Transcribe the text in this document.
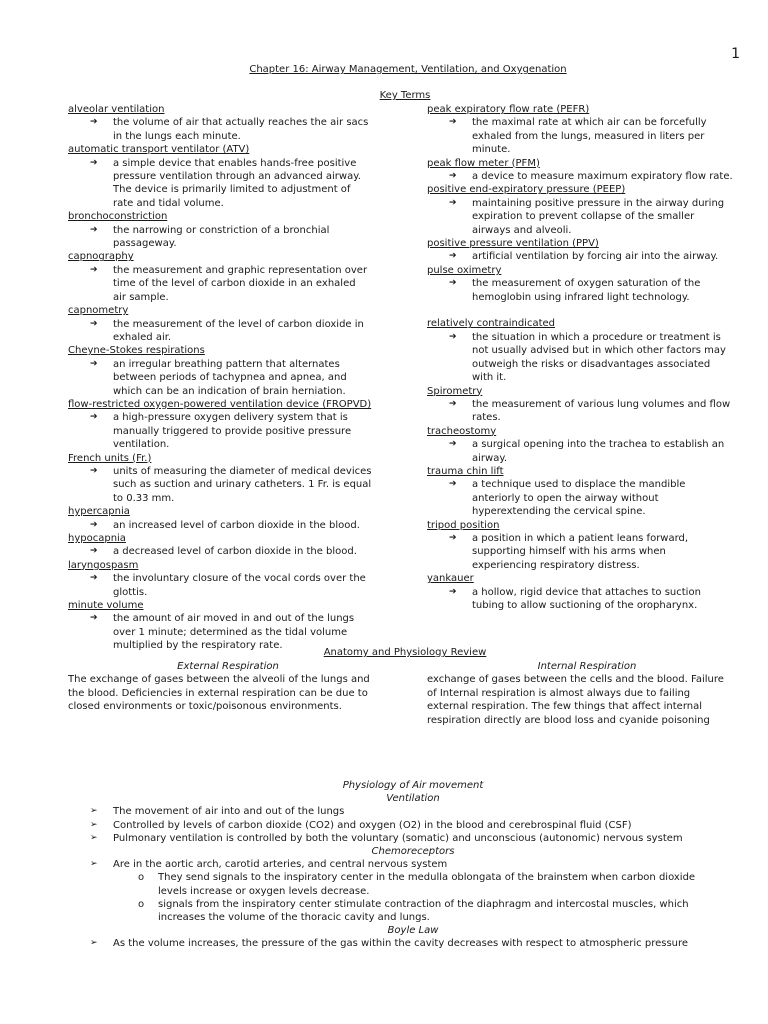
1
Chapter 16: Airway Management, Ventilation, and Oxygenation
Key Terms
alveolar ventilation
➔ the volume of air that actually reaches the air sacs
in the lungs each minute.
automatic transport ventilator (ATV)
➔ a simple device that enables hands-free positive
pressure ventilation through an advanced airway.
The device is primarily limited to adjustment of
rate and tidal volume.
bronchoconstriction
➔ the narrowing or constriction of a bronchial
passageway.
capnography
➔ the measurement and graphic representation over
time of the level of carbon dioxide in an exhaled
air sample.
capnometry
➔ the measurement of the level of carbon dioxide in
exhaled air.
Cheyne-Stokes respirations
➔ an irregular breathing pattern that alternates
between periods of tachypnea and apnea, and
which can be an indication of brain herniation.
flow-restricted oxygen-powered ventilation device (FROPVD)
➔ a high-pressure oxygen delivery system that is
manually triggered to provide positive pressure
ventilation.
French units (Fr.)
➔ units of measuring the diameter of medical devices
such as suction and urinary catheters. 1 Fr. is equal
to 0.33 mm.
hypercapnia
➔ an increased level of carbon dioxide in the blood.
hypocapnia
➔ a decreased level of carbon dioxide in the blood.
laryngospasm
➔ the involuntary closure of the vocal cords over the
glottis.
minute volume
➔ the amount of air moved in and out of the lungs
over 1 minute; determined as the tidal volume
multiplied by the respiratory rate.
peak expiratory flow rate (PEFR)
➔ the maximal rate at which air can be forcefully
exhaled from the lungs, measured in liters per
minute.
peak flow meter (PFM)
➔ a device to measure maximum expiratory flow rate.
positive end-expiratory pressure (PEEP)
➔ maintaining positive pressure in the airway during
expiration to prevent collapse of the smaller
airways and alveoli.
positive pressure ventilation (PPV)
➔ artificial ventilation by forcing air into the airway.
pulse oximetry
➔ the measurement of oxygen saturation of the
hemoglobin using infrared light technology.
relatively contraindicated
➔ the situation in which a procedure or treatment is
not usually advised but in which other factors may
outweigh the risks or disadvantages associated
with it.
Spirometry
➔ the measurement of various lung volumes and flow
rates.
tracheostomy
➔ a surgical opening into the trachea to establish an
airway.
trauma chin lift
➔ a technique used to displace the mandible
anteriorly to open the airway without
hyperextending the cervical spine.
tripod position
➔ a position in which a patient leans forward,
supporting himself with his arms when
experiencing respiratory distress.
yankauer
➔ a hollow, rigid device that attaches to suction
tubing to allow suctioning of the oropharynx.
Anatomy and Physiology Review
External Respiration
The exchange of gases between the alveoli of the lungs and
the blood. Deficiencies in external respiration can be due to
closed environments or toxic/poisonous environments.
Internal Respiration
exchange of gases between the cells and the blood. Failure
of Internal respiration is almost always due to failing
external respiration. The few things that affect internal
respiration directly are blood loss and cyanide poisoning
Physiology of Air movement
Ventilation
➢ The movement of air into and out of the lungs
➢ Controlled by levels of carbon dioxide (CO2) and oxygen (O2) in the blood and cerebrospinal fluid (CSF)
➢ Pulmonary ventilation is controlled by both the voluntary (somatic) and unconscious (autonomic) nervous system
Chemoreceptors
➢ Are in the aortic arch, carotid arteries, and central nervous system
o They send signals to the inspiratory center in the medulla oblongata of the brainstem when carbon dioxide
levels increase or oxygen levels decrease.
o signals from the inspiratory center stimulate contraction of the diaphragm and intercostal muscles, which
increases the volume of the thoracic cavity and lungs.
Boyle Law
➢ As the volume increases, the pressure of the gas within the cavity decreases with respect to atmospheric pressure
